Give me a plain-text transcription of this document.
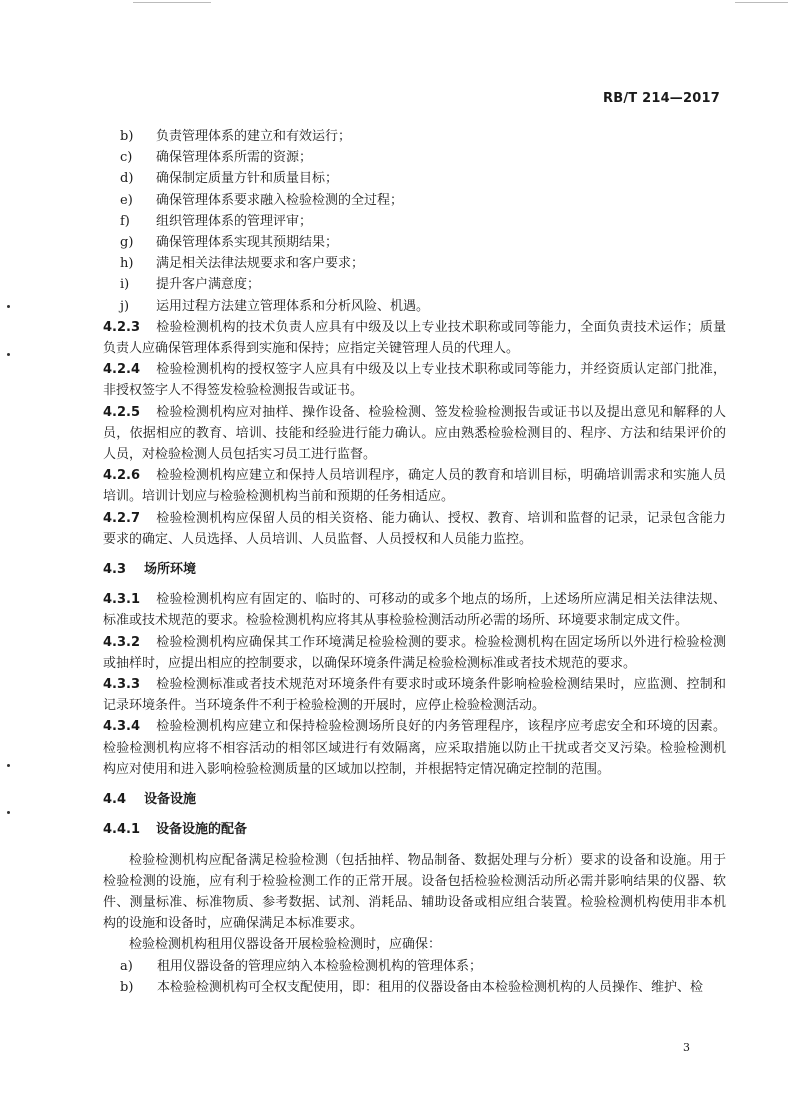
RB/T 214—2017
b)	负责管理体系的建立和有效运行；
c)	确保管理体系所需的资源；
d)	确保制定质量方针和质量目标；
e)	确保管理体系要求融入检验检测的全过程；
f)	组织管理体系的管理评审；
g)	确保管理体系实现其预期结果；
h)	满足相关法律法规要求和客户要求；
i)	提升客户满意度；
j)	运用过程方法建立管理体系和分析风险、机遇。
4.2.3 检验检测机构的技术负责人应具有中级及以上专业技术职称或同等能力，全面负责技术运作；质量负责人应确保管理体系得到实施和保持；应指定关键管理人员的代理人。
4.2.4 检验检测机构的授权签字人应具有中级及以上专业技术职称或同等能力，并经资质认定部门批准，非授权签字人不得签发检验检测报告或证书。
4.2.5 检验检测机构应对抽样、操作设备、检验检测、签发检验检测报告或证书以及提出意见和解释的人员，依据相应的教育、培训、技能和经验进行能力确认。应由熟悉检验检测目的、程序、方法和结果评价的人员，对检验检测人员包括实习员工进行监督。
4.2.6 检验检测机构应建立和保持人员培训程序，确定人员的教育和培训目标，明确培训需求和实施人员培训。培训计划应与检验检测机构当前和预期的任务相适应。
4.2.7 检验检测机构应保留人员的相关资格、能力确认、授权、教育、培训和监督的记录，记录包含能力要求的确定、人员选择、人员培训、人员监督、人员授权和人员能力监控。
4.3 场所环境
4.3.1 检验检测机构应有固定的、临时的、可移动的或多个地点的场所，上述场所应满足相关法律法规、标准或技术规范的要求。检验检测机构应将其从事检验检测活动所必需的场所、环境要求制定成文件。
4.3.2 检验检测机构应确保其工作环境满足检验检测的要求。检验检测机构在固定场所以外进行检验检测或抽样时，应提出相应的控制要求，以确保环境条件满足检验检测标准或者技术规范的要求。
4.3.3 检验检测标准或者技术规范对环境条件有要求时或环境条件影响检验检测结果时，应监测、控制和记录环境条件。当环境条件不利于检验检测的开展时，应停止检验检测活动。
4.3.4 检验检测机构应建立和保持检验检测场所良好的内务管理程序，该程序应考虑安全和环境的因素。检验检测机构应将不相容活动的相邻区域进行有效隔离，应采取措施以防止干扰或者交叉污染。检验检测机构应对使用和进入影响检验检测质量的区域加以控制，并根据特定情况确定控制的范围。
4.4 设备设施
4.4.1 设备设施的配备
检验检测机构应配备满足检验检测（包括抽样、物品制备、数据处理与分析）要求的设备和设施。用于检验检测的设施，应有利于检验检测工作的正常开展。设备包括检验检测活动所必需并影响结果的仪器、软件、测量标准、标准物质、参考数据、试剂、消耗品、辅助设备或相应组合装置。检验检测机构使用非本机构的设施和设备时，应确保满足本标准要求。
检验检测机构租用仪器设备开展检验检测时，应确保：
a)	租用仪器设备的管理应纳入本检验检测机构的管理体系；
b)	本检验检测机构可全权支配使用，即：租用的仪器设备由本检验检测机构的人员操作、维护、检
3
